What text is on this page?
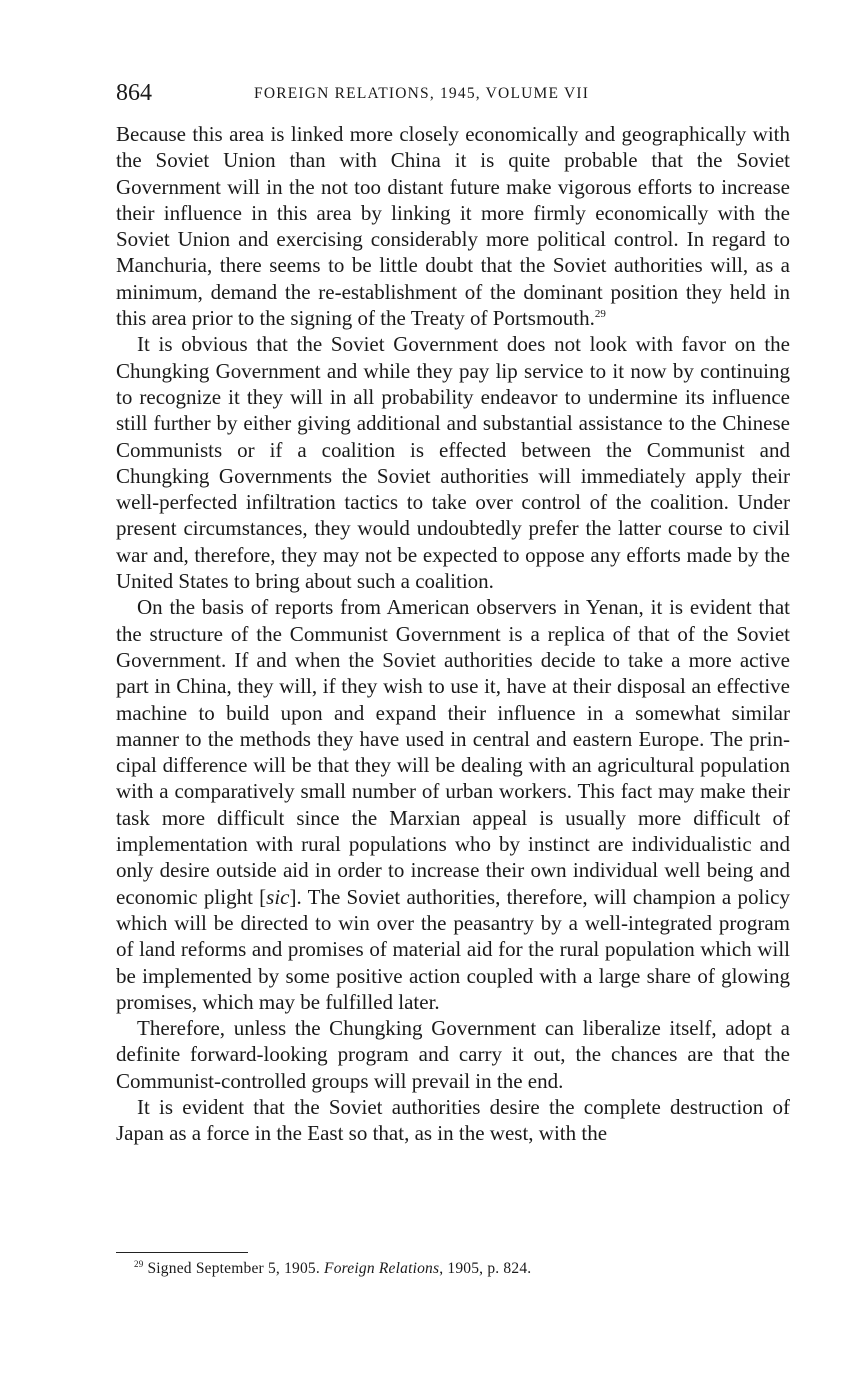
864	FOREIGN RELATIONS, 1945, VOLUME VII

Because this area is linked more closely economically and geographically with the Soviet Union than with China it is quite probable that the Soviet Government will in the not too distant future make vigorous efforts to increase their influence in this area by linking it more firmly economically with the Soviet Union and exercising considerably more political control. In regard to Manchuria, there seems to be little doubt that the Soviet authorities will, as a minimum, demand the re-establishment of the dominant position they held in this area prior to the signing of the Treaty of Portsmouth.$^{29}$

It is obvious that the Soviet Government does not look with favor on the Chungking Government and while they pay lip service to it now by continuing to recognize it they will in all probability endeavor to undermine its influence still further by either giving additional and substantial assistance to the Chinese Communists or if a coalition is effected between the Communist and Chungking Governments the Soviet authorities will immediately apply their well-perfected infiltration tactics to take over control of the coalition. Under present circumstances, they would undoubtedly prefer the latter course to civil war and, therefore, they may not be expected to oppose any efforts made by the United States to bring about such a coalition.

On the basis of reports from American observers in Yenan, it is evident that the structure of the Communist Government is a replica of that of the Soviet Government. If and when the Soviet authorities decide to take a more active part in China, they will, if they wish to use it, have at their disposal an effective machine to build upon and expand their influence in a somewhat similar manner to the methods they have used in central and eastern Europe. The principal difference will be that they will be dealing with an agricultural population with a comparatively small number of urban workers. This fact may make their task more difficult since the Marxian appeal is usually more difficult of implementation with rural populations who by instinct are individualistic and only desire outside aid in order to increase their own individual well being and economic plight [sic]. The Soviet authorities, therefore, will champion a policy which will be directed to win over the peasantry by a well-integrated program of land reforms and promises of material aid for the rural population which will be implemented by some positive action coupled with a large share of glowing promises, which may be fulfilled later.

Therefore, unless the Chungking Government can liberalize itself, adopt a definite forward-looking program and carry it out, the chances are that the Communist-controlled groups will prevail in the end.

It is evident that the Soviet authorities desire the complete destruction of Japan as a force in the East so that, as in the west, with the

$^{29}$ Signed September 5, 1905. Foreign Relations, 1905, p. 824.
